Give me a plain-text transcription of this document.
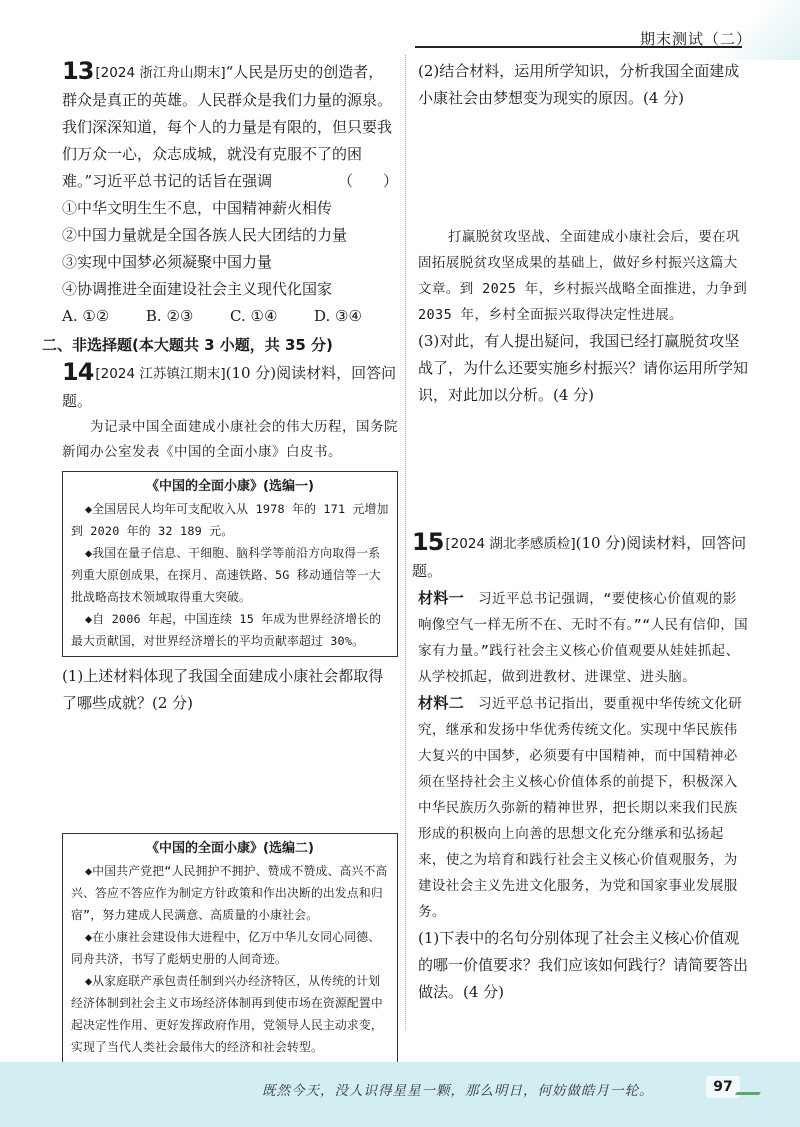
期末测试（二）

13 [2024 浙江舟山期末]“人民是历史的创造者，群众是真正的英雄。人民群众是我们力量的源泉。我们深深知道，每个人的力量是有限的，但只要我们万众一心，众志成城，就没有克服不了的困难。”习近平总书记的话旨在强调	（　　）

①中华文明生生不息，中国精神薪火相传
②中国力量就是全国各族人民大团结的力量
③实现中国梦必须凝聚中国力量
④协调推进全面建设社会主义现代化国家
A. ①② B. ②③ C. ①④ D. ③④
二、非选择题(本大题共 3 小题，共 35 分)

14 [2024 江苏镇江期末](10 分)阅读材料，回答问题。

为记录中国全面建成小康社会的伟大历程，国务院新闻办公室发表《中国的全面小康》白皮书。

《中国的全面小康》(选编一)
◆全国居民人均年可支配收入从 1978 年的 171 元增加到 2020 年的 32 189 元。
◆我国在量子信息、干细胞、脑科学等前沿方向取得一系列重大原创成果，在探月、高速铁路、5G 移动通信等一大批战略高技术领域取得重大突破。
◆自 2006 年起，中国连续 15 年成为世界经济增长的最大贡献国，对世界经济增长的平均贡献率超过 30%。

(1)上述材料体现了我国全面建成小康社会都取得了哪些成就？(2 分)

《中国的全面小康》(选编二)
◆中国共产党把“人民拥护不拥护、赞成不赞成、高兴不高兴、答应不答应作为制定方针政策和作出决断的出发点和归宿”，努力建成人民满意、高质量的小康社会。
◆在小康社会建设伟大进程中，亿万中华儿女同心同德、同舟共济，书写了彪炳史册的人间奇迹。
◆从家庭联产承包责任制到兴办经济特区，从传统的计划经济体制到社会主义市场经济体制再到使市场在资源配置中起决定性作用、更好发挥政府作用，党领导人民主动求变，实现了当代人类社会最伟大的经济和社会转型。

(2)结合材料，运用所学知识，分析我国全面建成小康社会由梦想变为现实的原因。(4 分)

打赢脱贫攻坚战、全面建成小康社会后，要在巩固拓展脱贫攻坚成果的基础上，做好乡村振兴这篇大文章。到 2025 年，乡村振兴战略全面推进，力争到 2035 年，乡村全面振兴取得决定性进展。

(3)对此，有人提出疑问，我国已经打赢脱贫攻坚战了，为什么还要实施乡村振兴？请你运用所学知识，对此加以分析。(4 分)

15 [2024 湖北孝感质检](10 分)阅读材料，回答问题。

材料一　 习近平总书记强调，“要使核心价值观的影响像空气一样无所不在、无时不有。”“人民有信仰，国家有力量。”践行社会主义核心价值观要从娃娃抓起、从学校抓起，做到进教材、进课堂、进头脑。

材料二　 习近平总书记指出，要重视中华传统文化研究，继承和发扬中华优秀传统文化。实现中华民族伟大复兴的中国梦，必须要有中国精神，而中国精神必须在坚持社会主义核心价值体系的前提下，积极深入中华民族历久弥新的精神世界，把长期以来我们民族形成的积极向上向善的思想文化充分继承和弘扬起来，使之为培育和践行社会主义核心价值观服务，为建设社会主义先进文化服务，为党和国家事业发展服务。

(1)下表中的名句分别体现了社会主义核心价值观的哪一价值要求？我们应该如何践行？请简要答出做法。(4 分)

既然今天，没人识得星星一颗，那么明日，何妨做皓月一轮。	97
